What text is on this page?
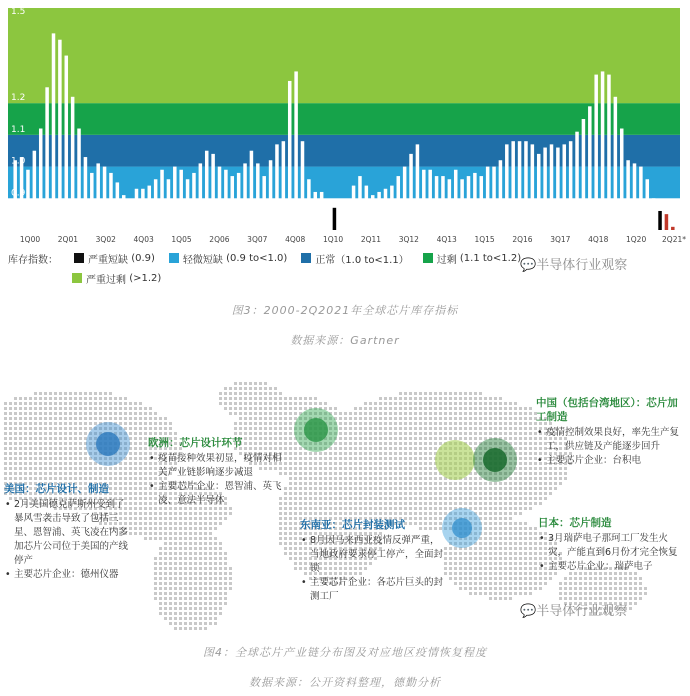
0.8
0.9
1.0
1.1
1.2
1.5
1Q00 2Q01 3Q02 4Q03 1Q05 2Q06 3Q07 4Q08 1Q10 2Q11 3Q12 4Q13 1Q15 2Q16 3Q17 4Q18 1Q20 2Q21*
库存指数：	严重短缺
(0.9)	轻微短缺
(0.9 to<1.0)	正常 （1.0 to<1.1）	过剩
(1.1 to<1.2)
严重过剩
(>1.2)
💬半导体行业观察
图3：2000-2Q2021年全球芯片库存指标
数据来源：Gartner
美国：芯片设计、制造
• 2月美国德克萨斯州受到了暴风雪袭击导致了包括三星、恩智浦、英飞凌在内多加芯片公司位于美国的产线停产
• 主要芯片企业：德州仪器
欧洲：芯片设计环节
• 疫苗接种效果初显，疫情对相关产业链影响逐步减退
• 主要芯片企业：恩智浦、英飞凌、意法半导体
东南亚：芯片封装测试
• 8月因马来西亚疫情反弹严重，当地政府要求停工停产，全面封锁
• 主要芯片企业：各芯片巨头的封测工厂
中国（包括台湾地区）：芯片加工制造
• 疫情控制效果良好，率先生产复工，供应链及产能逐步回升
• 主要芯片企业：台积电
日本：芯片制造
• 3月瑞萨电子那珂工厂发生火灾，产能直到6月份才完全恢复
• 主要芯片企业：瑞萨电子
💬半导体行业观察
图4：全球芯片产业链分布图及对应地区疫情恢复程度
数据来源：公开资料整理，德勤分析
